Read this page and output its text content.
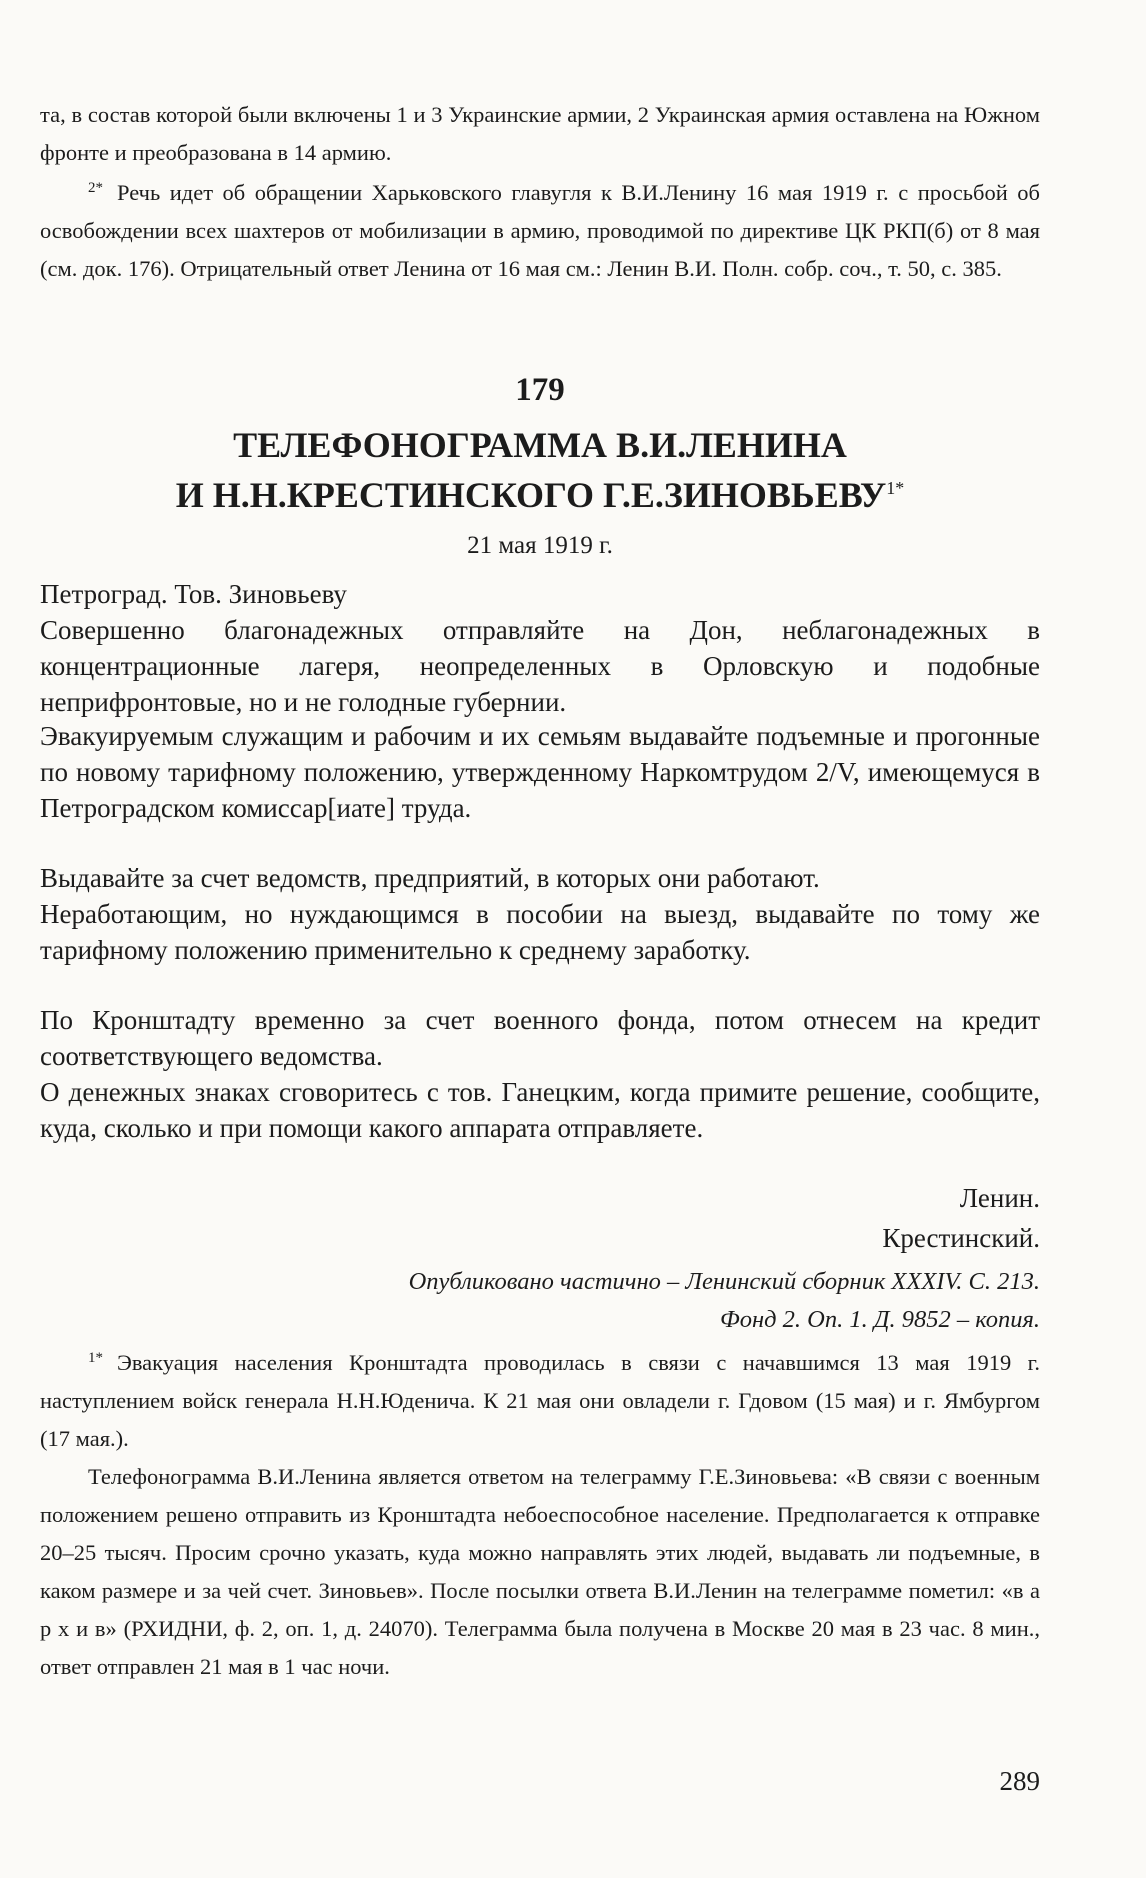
та, в состав которой были включены 1 и 3 Украинские армии, 2 Украинская армия оставлена на Южном фронте и преобразована в 14 армию.

$^{2*}$ Речь идет об обращении Харьковского главугля к В.И.Ленину 16 мая 1919 г. с просьбой об освобождении всех шахтеров от мобилизации в армию, проводимой по директиве ЦК РКП(б) от 8 мая (см. док. 176). Отрицательный ответ Ленина от 16 мая см.: Ленин В.И. Полн. собр. соч., т. 50, с. 385.

179

ТЕЛЕФОНОГРАММА В.И.ЛЕНИНА

И Н.Н.КРЕСТИНСКОГО $Г.Е.ЗИНОВЬЕВУ^{1*}$

21 мая 1919 г.

Петроград. Тов. Зиновьеву

Совершенно благонадежных отправляйте на Дон, неблагонадежных в концентрационные лагеря, неопределенных в Орловскую и подобные неприфронтовые, но и не голодные губернии.

Эвакуируемым служащим и рабочим и их семьям выдавайте подъемные и прогонные по новому тарифному положению, утвержденному Наркомтрудом 2/V, имеющемуся в Петроградском комиссар[иате] труда.

Выдавайте за счет ведомств, предприятий, в которых они работают.

Неработающим, но нуждающимся в пособии на выезд, выдавайте по тому же тарифному положению применительно к среднему заработку.

По Кронштадту временно за счет военного фонда, потом отнесем на кредит соответствующего ведомства.

О денежных знаках сговоритесь с тов. Ганецким, когда примите решение, сообщите, куда, сколько и при помощи какого аппарата отправляете.

Ленин.

Крестинский.

Опубликовано частично – Ленинский сборник XXXIV. С. 213.

Фонд 2. Оп. 1. Д. 9852 – копия.

$^{1*}$ Эвакуация населения Кронштадта проводилась в связи с начавшимся 13 мая 1919 г. наступлением войск генерала Н.Н.Юденича. К 21 мая они овладели г. Гдовом (15 мая) и г. Ямбургом (17 мая.).

Телефонограмма В.И.Ленина является ответом на телеграмму Г.Е.Зиновьева: «В связи с военным положением решено отправить из Кронштадта небоеспособное население. Предполагается к отправке 20–25 тысяч. Просим срочно указать, куда можно направлять этих людей, выдавать ли подъемные, в каком размере и за чей счет. Зиновьев». После посылки ответа В.И.Ленин на телеграмме пометил: «в а р х и в» (РХИДНИ, ф. 2, оп. 1, д. 24070). Телеграмма была получена в Москве 20 мая в 23 час. 8 мин., ответ отправлен 21 мая в 1 час ночи.

289
